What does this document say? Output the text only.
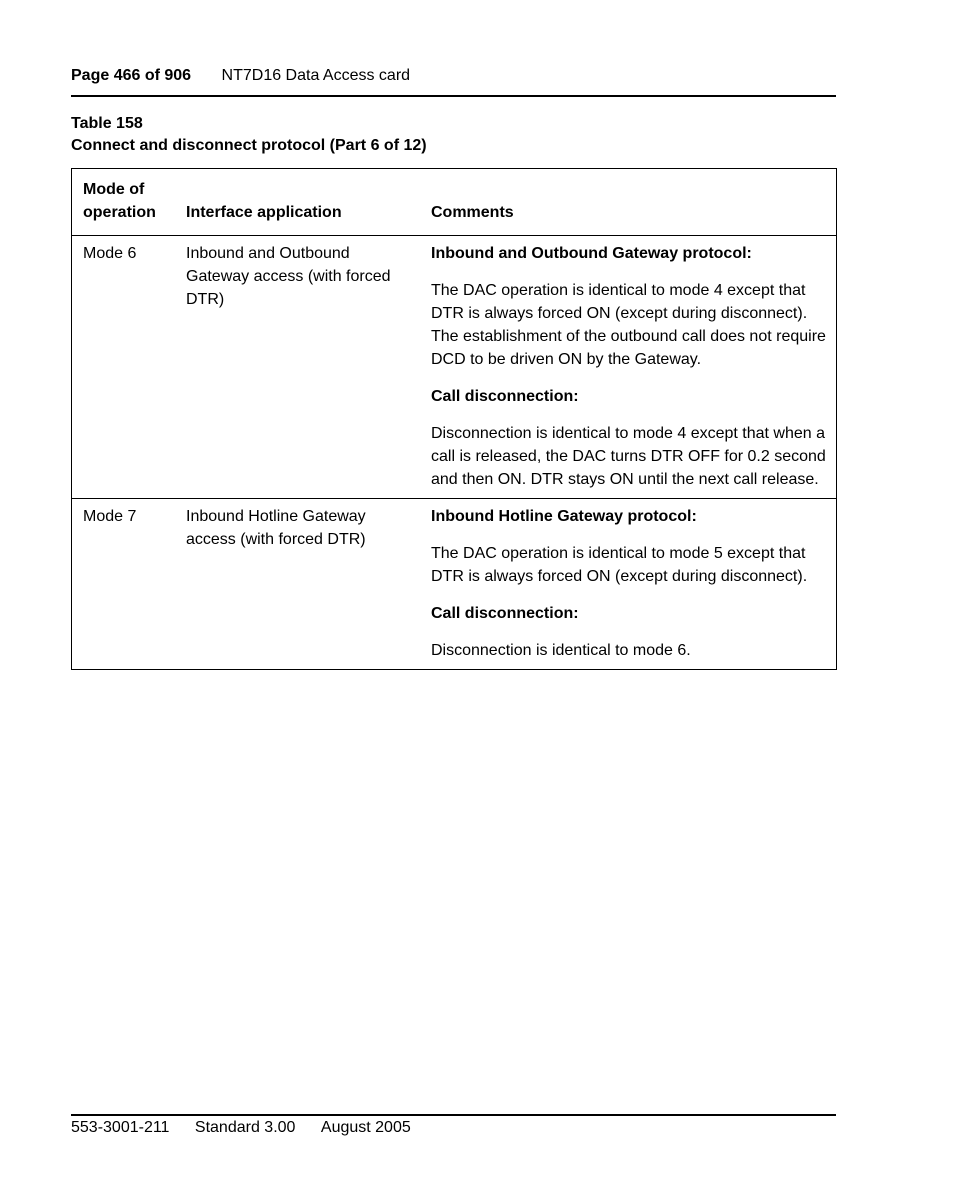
Page 466 of 906 NT7D16 Data Access card
Table 158
Connect and disconnect protocol (Part 6 of 12)
Mode of
operation	Interface application	Comments
Mode 6	Inbound and Outbound Gateway access (with forced DTR)	Inbound and Outbound Gateway protocol:
The DAC operation is identical to mode 4 except that DTR is always forced ON (except during disconnect). The establishment of the outbound call does not require DCD to be driven ON by the Gateway.
Call disconnection:
Disconnection is identical to mode 4 except that when a call is released, the DAC turns DTR OFF for 0.2 second and then ON. DTR stays ON until the next call release.

Mode 7	Inbound Hotline Gateway access (with forced DTR)	Inbound Hotline Gateway protocol:
The DAC operation is identical to mode 5 except that DTR is always forced ON (except during disconnect).
Call disconnection:
Disconnection is identical to mode 6.
553-3001-211 Standard 3.00 August 2005
